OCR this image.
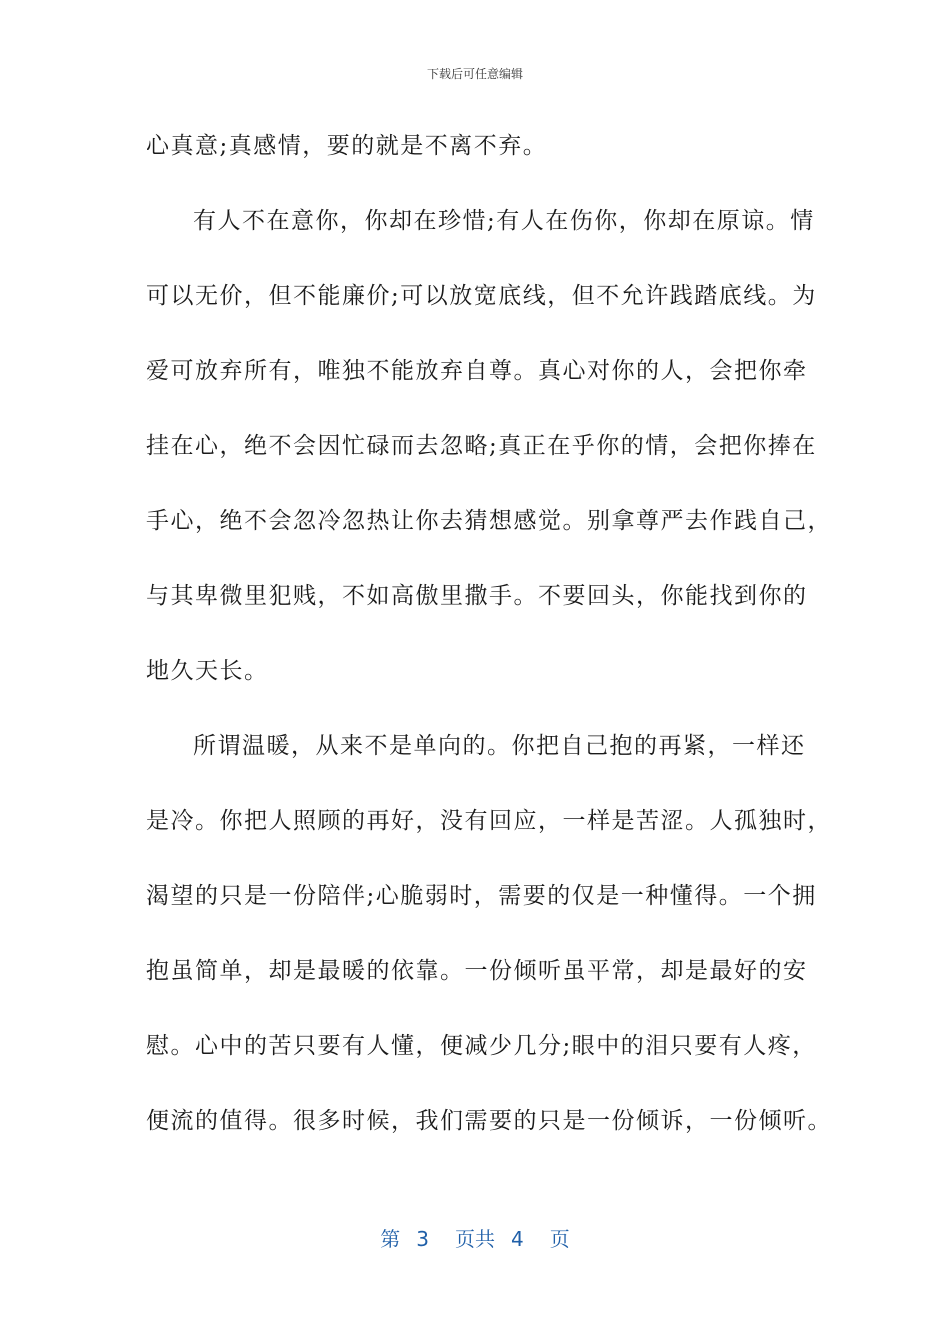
下载后可任意编辑
心真意;真感情，要的就是不离不弃。
有人不在意你，你却在珍惜;有人在伤你，你却在原谅。情
可以无价，但不能廉价;可以放宽底线，但不允许践踏底线。为
爱可放弃所有，唯独不能放弃自尊。真心对你的人，会把你牵
挂在心，绝不会因忙碌而去忽略;真正在乎你的情，会把你捧在
手心，绝不会忽冷忽热让你去猜想感觉。别拿尊严去作践自己，
与其卑微里犯贱，不如高傲里撒手。不要回头，你能找到你的
地久天长。
所谓温暖，从来不是单向的。你把自己抱的再紧，一样还
是冷。你把人照顾的再好，没有回应，一样是苦涩。人孤独时，
渴望的只是一份陪伴;心脆弱时，需要的仅是一种懂得。一个拥
抱虽简单，却是最暖的依靠。一份倾听虽平常，却是最好的安
慰。心中的苦只要有人懂，便减少几分;眼中的泪只要有人疼，
便流的值得。很多时候，我们需要的只是一份倾诉，一份倾听。
第 3 页共 4 页
